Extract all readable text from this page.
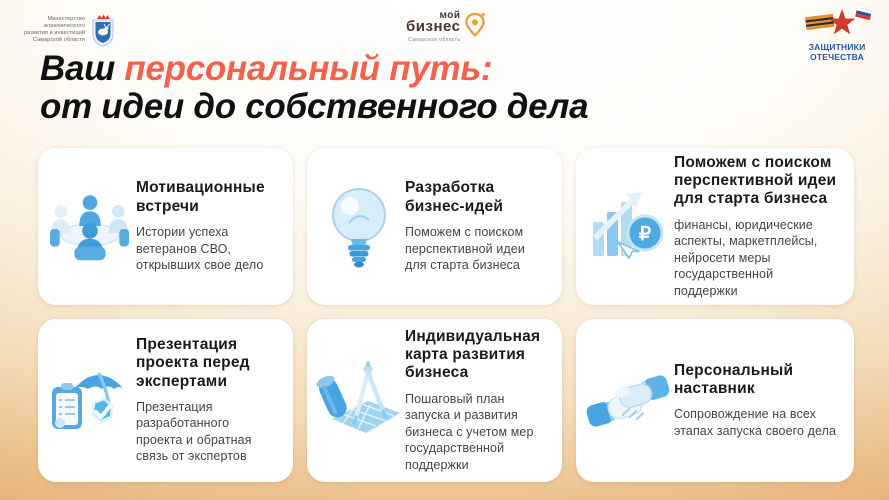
Министерство
экономического
развития и инвестиций
Самарской области
мой
бизнес
Самарская область
ЗАЩИТНИКИ
ОТЕЧЕСТВА
Ваш персональный путь:
от идеи до собственного дела
Мотивационные встречи
Истории успеха ветеранов СВО, открывших свое дело
Разработка бизнес-идей
Поможем с поиском перспективной идеи для старта бизнеса
₽
Поможем с поиском перспективной идеи для старта бизнеса
финансы, юридические аспекты, маркетплейсы, нейросети меры государственной поддержки
Презентация проекта перед экспертами
Презентация разработанного проекта и обратная связь от экспертов
Индивидуальная карта развития бизнеса
Пошаговый план запуска и развития бизнеса с учетом мер государственной поддержки
Персональный наставник
Сопровождение на всех этапах запуска своего дела
